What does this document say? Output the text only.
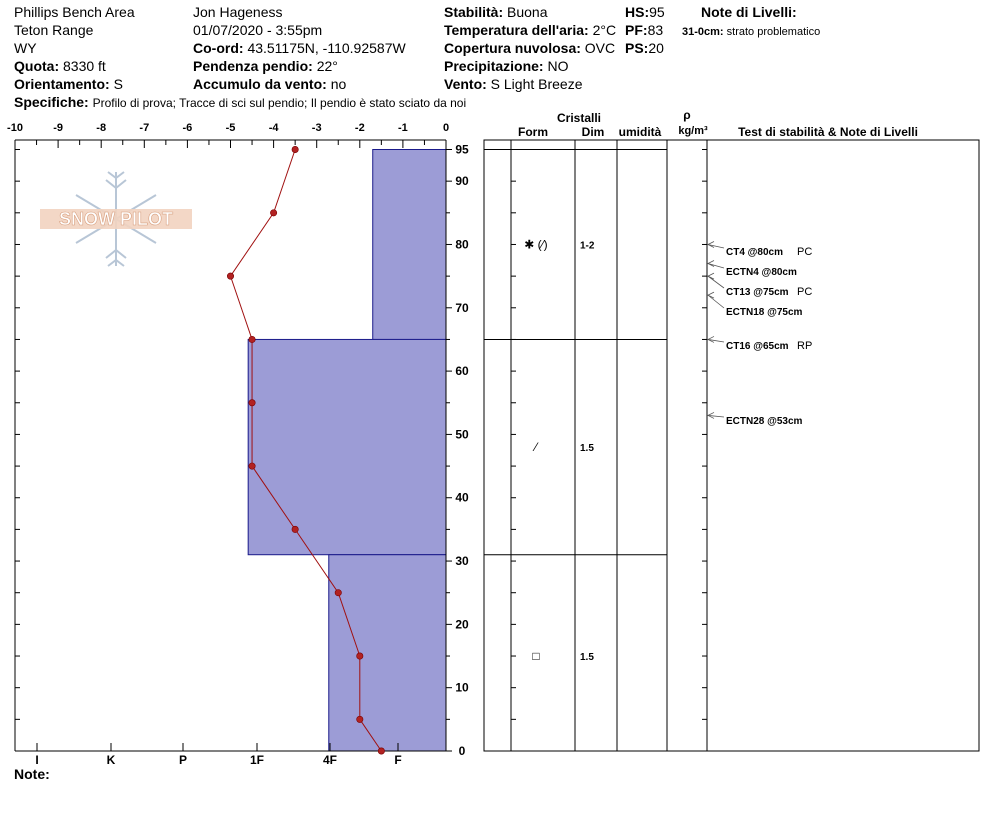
Phillips Bench Area
Teton Range
WY
Quota: 8330 ft
Orientamento: S
Specifiche: Profilo di prova; Tracce di sci sul pendio; Il pendio è stato sciato da noi
Jon Hageness
01/07/2020 - 3:55pm
Co-ord: 43.51175N, -110.92587W
Pendenza pendio: 22°
Accumulo da vento: no
Stabilità: Buona
Temperatura dell'aria: 2°C
Copertura nuvolosa: OVC
Precipitazione: NO
Vento: S Light Breeze
HS:95
PF:83
PS:20
Note di Livelli:
31-0cm: strato problematico
SNOW PILOT
-10	-9	-8	-7	-6	-5	-4	-3	-2	-1	0
95
90
80
70
60
50
40
30
20
10
0
I	K	P	1F	4F	F
Cristalli
Form	Dim umidità
ρ
kg/m³	Test di stabilità & Note di Livelli
✱ (⁄)	1-2
⁄	1.5
□	1.5
CT4 @80cm PC
ECTN4 @80cm
CT13 @75cm PC
ECTN18 @75cm
CT16 @65cm RP
ECTN28 @53cm
Note:
